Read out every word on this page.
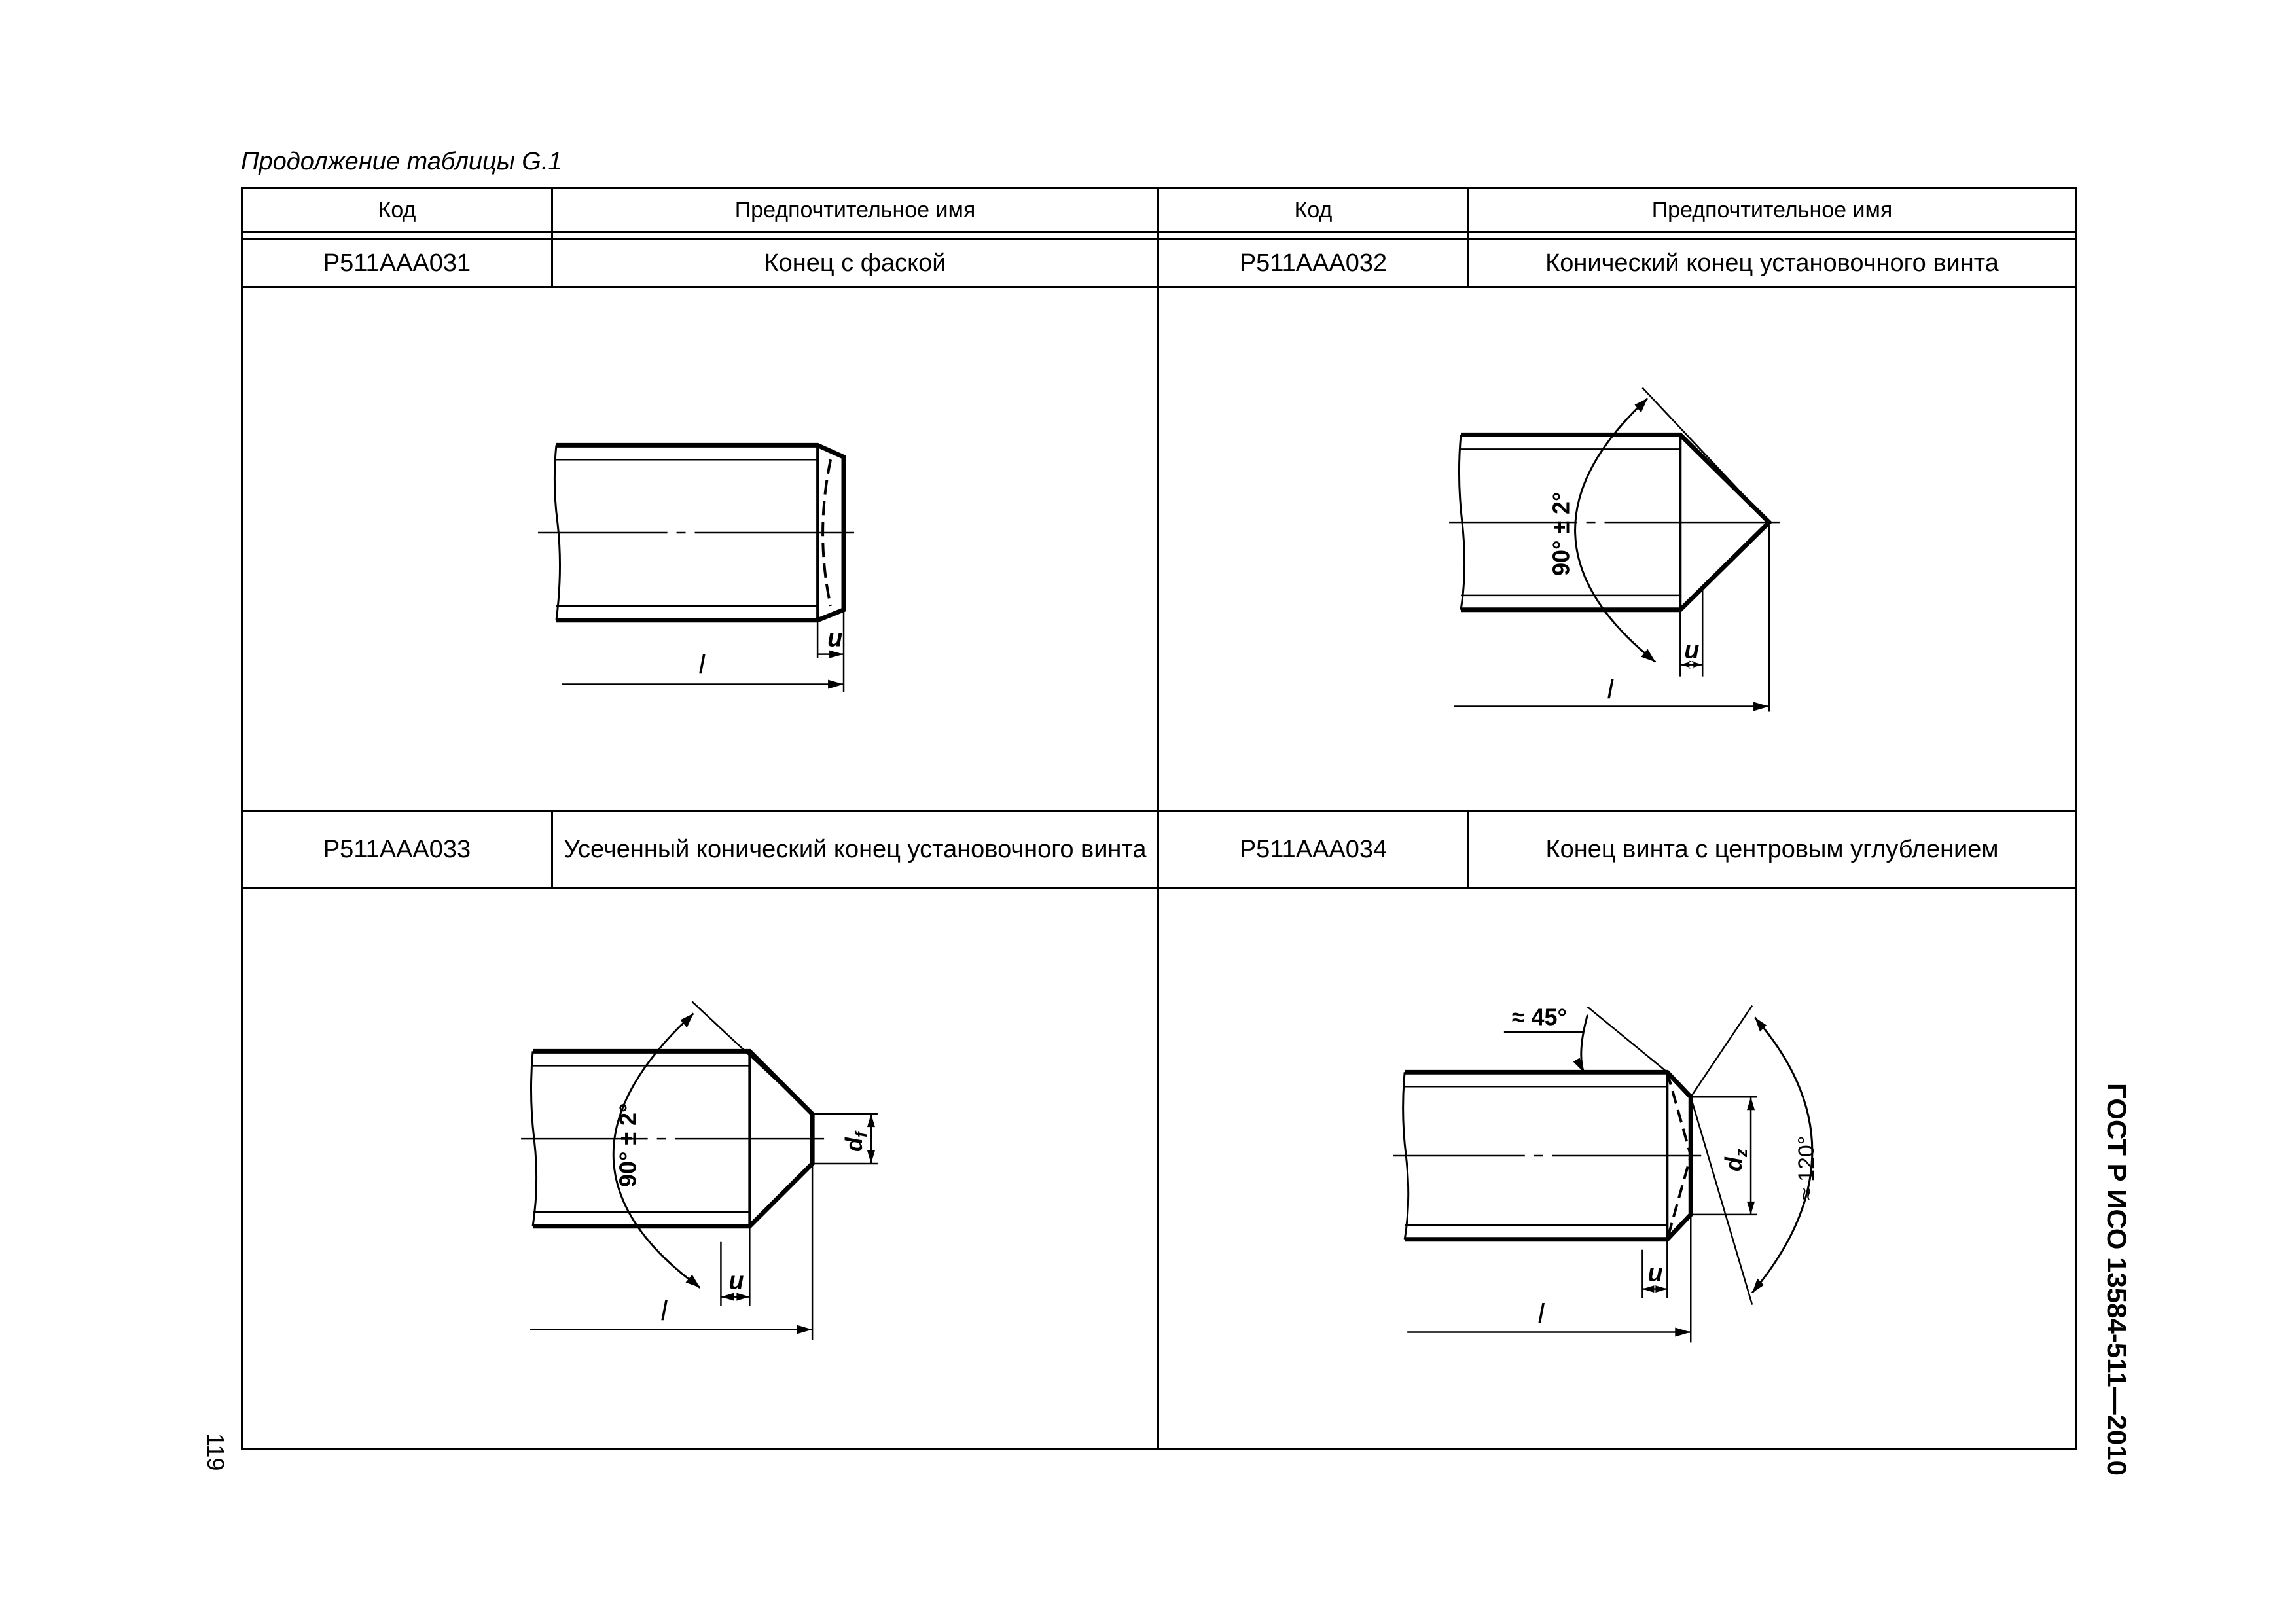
Продолжение таблицы G.1
Код	Предпочтительное имя	Код	Предпочтительное имя

P511AAA031	Конец с фаской	P511AAA032	Конический конец установочного винта

u
l		u
l
90° ± 2°	

P511AAA033	Усеченный конический конец установочного винта	P511AAA034	Конец винта с центровым углублением

u
l
90° ± 2° $d_f$		u
l
≈ 45°
≈ 120°
$d_z$	ГОСТ Р ИСО 13584-511—2010
119
